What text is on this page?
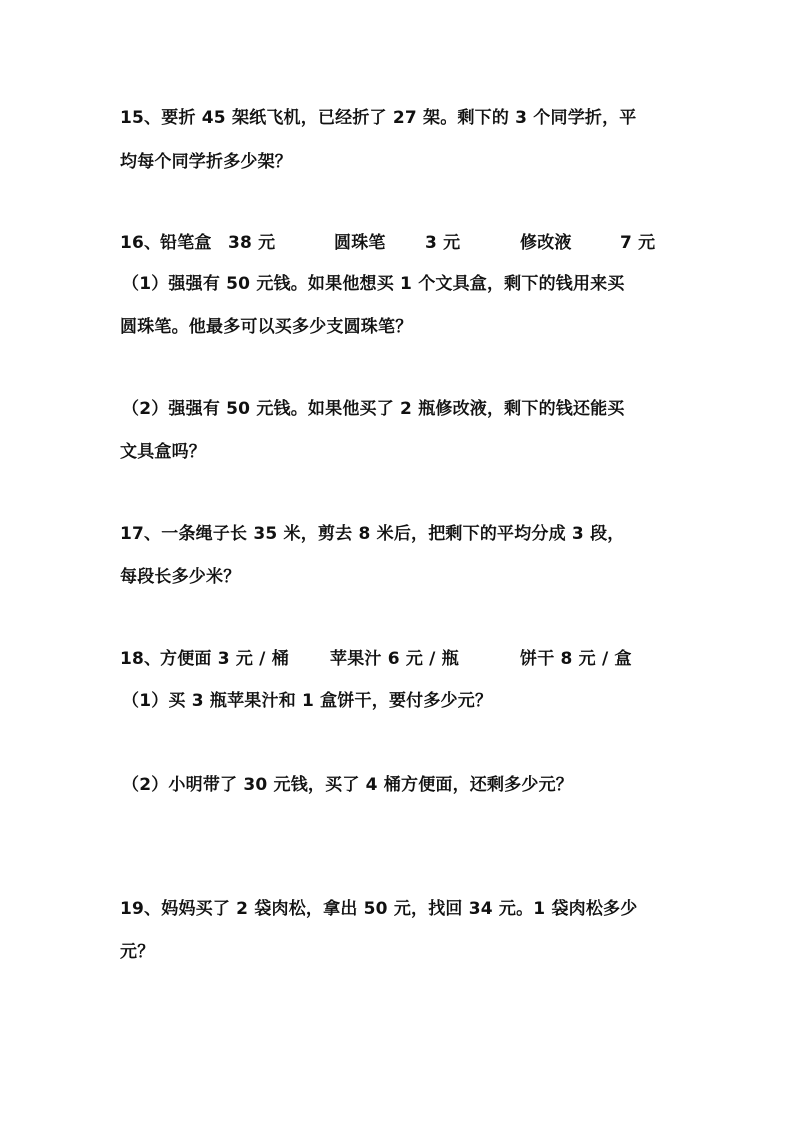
15、要折 45 架纸飞机，已经折了 27 架。剩下的 3 个同学折，平
均每个同学折多少架？
16、
铅笔盒 38 元	圆珠笔 3 元	修改液	7 元
（1）强强有 50 元钱。如果他想买 1 个文具盒，剩下的钱用来买
圆珠笔。他最多可以买多少支圆珠笔？
（2）强强有 50 元钱。如果他买了 2 瓶修改液，剩下的钱还能买
文具盒吗？
17、一条绳子长 35 米，剪去 8 米后，把剩下的平均分成 3 段，
每段长多少米？
18、
方便面 3 元 / 桶 苹果汁 6 元 / 瓶	饼干 8 元 / 盒
（1）买 3 瓶苹果汁和 1 盒饼干，要付多少元？
（2）小明带了 30 元钱，买了 4 桶方便面，还剩多少元？
19、妈妈买了 2 袋肉松，拿出 50 元，找回 34 元。1 袋肉松多少
元？
